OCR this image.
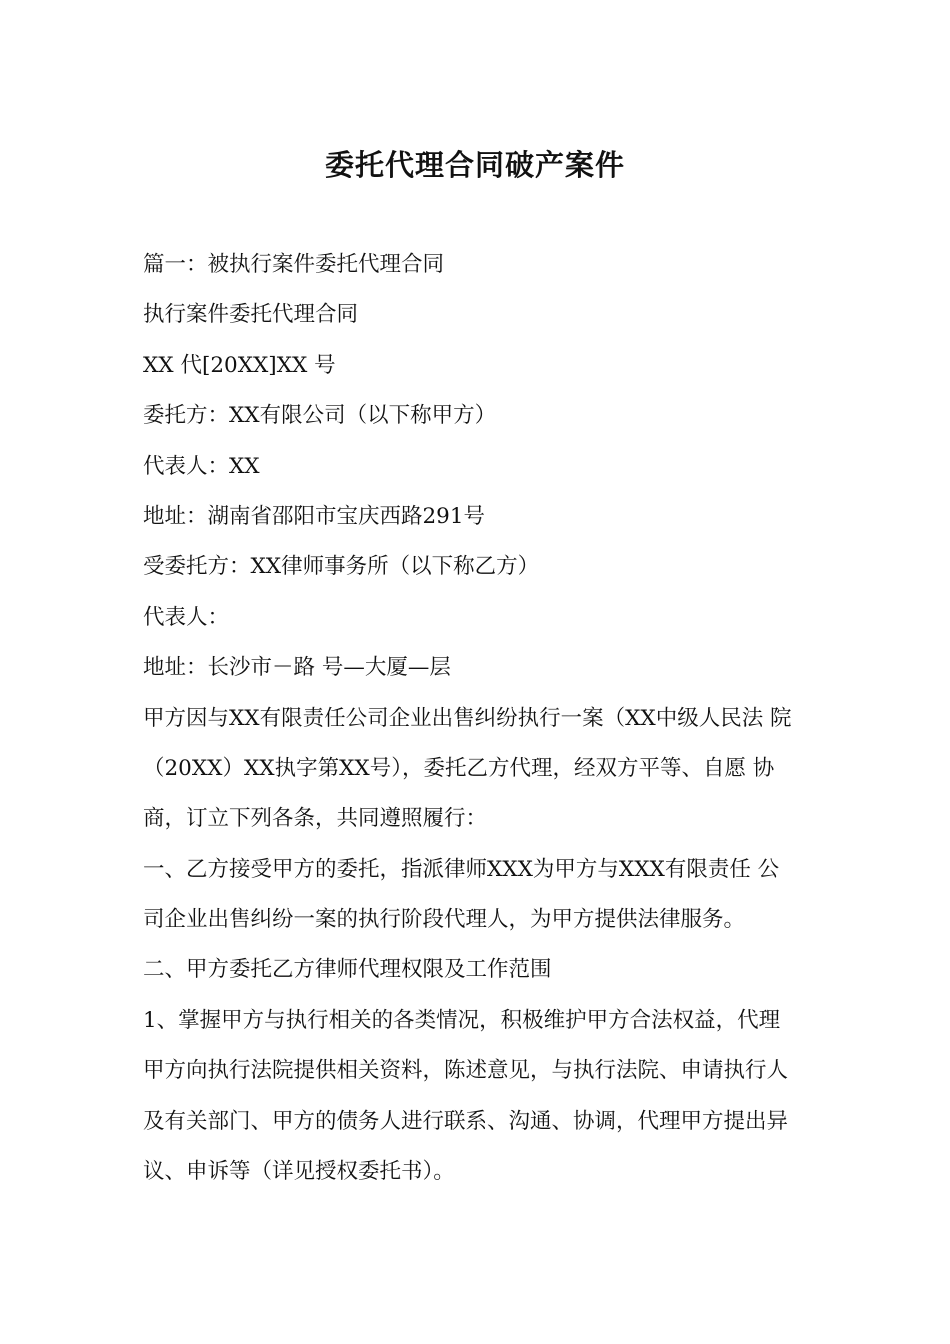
委托代理合同破产案件

篇一：被执行案件委托代理合同

执行案件委托代理合同

XX 代[20XX]XX 号

委托方：XX有限公司（以下称甲方）

代表人：XX

地址：湖南省邵阳市宝庆西路291号

受委托方：XX律师事务所（以下称乙方）

代表人：

地址：长沙市－路 号—大厦—层

甲方因与XX有限责任公司企业出售纠纷执行一案（XX中级人民法 院

（20XX）XX执字第XX号），委托乙方代理，经双方平等、自愿 协

商，订立下列各条，共同遵照履行：

一、乙方接受甲方的委托，指派律师XXX为甲方与XXX有限责任 公

司企业出售纠纷一案的执行阶段代理人，为甲方提供法律服务。

二、甲方委托乙方律师代理权限及工作范围

1、掌握甲方与执行相关的各类情况，积极维护甲方合法权益，代理

甲方向执行法院提供相关资料，陈述意见，与执行法院、申请执行人

及有关部门、甲方的债务人进行联系、沟通、协调，代理甲方提出异

议、申诉等（详见授权委托书）。
